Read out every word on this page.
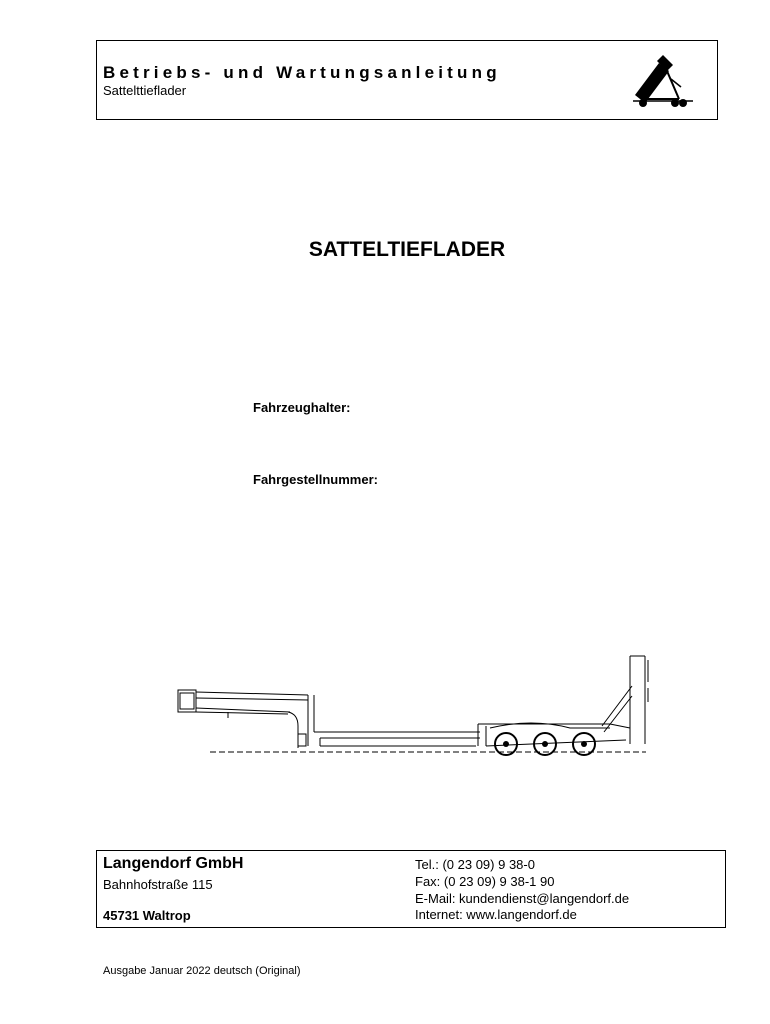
Betriebs- und Wartungsanleitung
Sattelttieflader
SATTELTIEFLADER
Fahrzeughalter:
Fahrgestellnummer:
Langendorf GmbH
Bahnhofstraße 115
45731 Waltrop
Tel.: (0 23 09) 9 38-0
Fax: (0 23 09) 9 38-1 90
E-Mail: kundendienst@langendorf.de
Internet: www.langendorf.de
Ausgabe Januar 2022 deutsch (Original)
